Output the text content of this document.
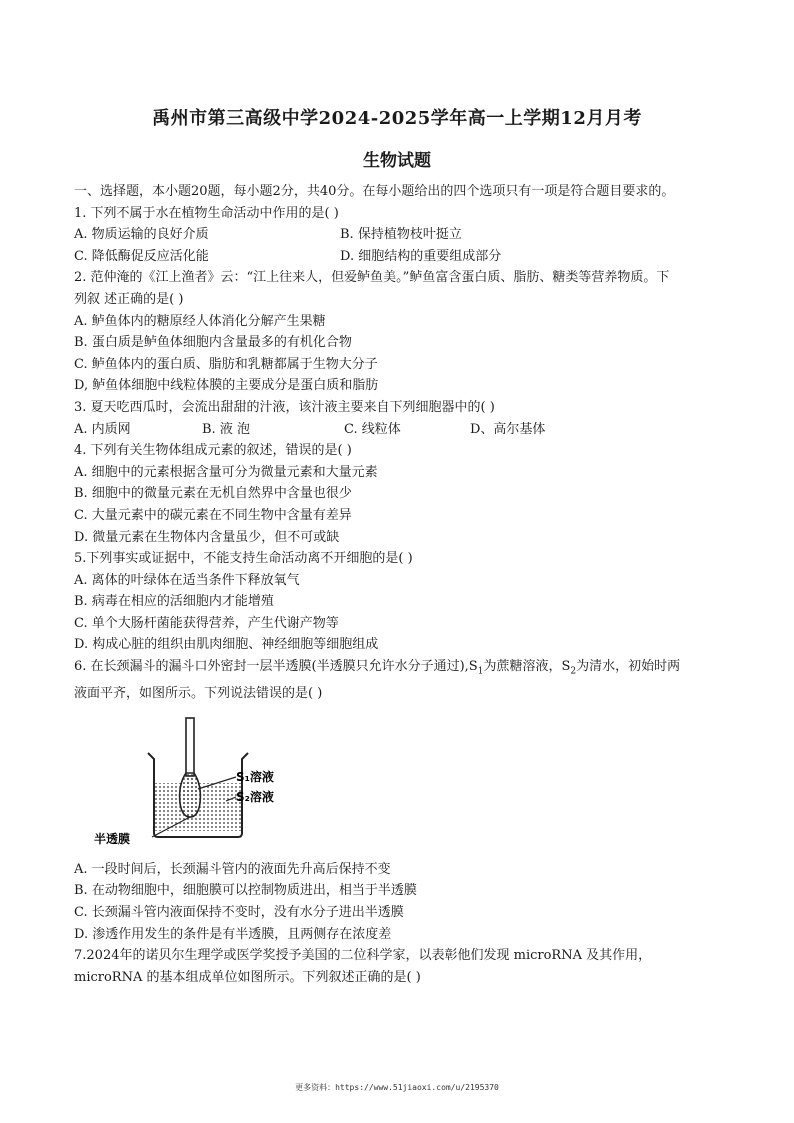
禹州市第三高级中学2024-2025学年高一上学期12月月考
生物试题
一、选择题，本小题20题，每小题2分，共40分。在每小题给出的四个选项只有一项是符合题目要求的。
1. 下列不属于水在植物生命活动中作用的是( )
A. 物质运输的良好介质	B. 保持植物枝叶挺立
C. 降低酶促反应活化能	D. 细胞结构的重要组成部分
2. 范仲淹的《江上渔者》云：“江上往来人，但爱鲈鱼美。”鲈鱼富含蛋白质、脂肪、糖类等营养物质。下
列叙 述正确的是( )
A. 鲈鱼体内的糖原经人体消化分解产生果糖
B. 蛋白质是鲈鱼体细胞内含量最多的有机化合物
C. 鲈鱼体内的蛋白质、脂肪和乳糖都属于生物大分子
D, 鲈鱼体细胞中线粒体膜的主要成分是蛋白质和脂肪
3. 夏天吃西瓜时，会流出甜甜的汁液，该汁液主要来自下列细胞器中的( )
A. 内质网	B. 液 泡	C. 线粒体	D、高尔基体
4. 下列有关生物体组成元素的叙述，错误的是( )
A. 细胞中的元素根据含量可分为微量元素和大量元素
B. 细胞中的微量元素在无机自然界中含量也很少
C. 大量元素中的碳元素在不同生物中含量有差异
D. 微量元素在生物体内含量虽少，但不可或缺
5.下列事实或证据中，不能支持生命活动离不开细胞的是( )
A. 离体的叶绿体在适当条件下释放氧气
B. 病毒在相应的活细胞内才能增殖
C. 单个大肠杆菌能获得营养，产生代谢产物等
D. 构成心脏的组织由肌肉细胞、神经细胞等细胞组成
6. 在长颈漏斗的漏斗口外密封一层半透膜(半透膜只允许水分子通过)$,S_1$为蔗糖溶液，$S_2$为清水，初始时两
液面平齐，如图所示。下列说法错误的是( )
S₁溶液
S₂溶液
半透膜
A. 一段时间后，长颈漏斗管内的液面先升高后保持不变
B. 在动物细胞中，细胞膜可以控制物质进出，相当于半透膜
C. 长颈漏斗管内液面保持不变时，没有水分子进出半透膜
D. 渗透作用发生的条件是有半透膜，且两侧存在浓度差
7.2024年的诺贝尔生理学或医学奖授予美国的二位科学家，以表彰他们发现 microRNA 及其作用，
microRNA 的基本组成单位如图所示。下列叙述正确的是( )
更多资料：https://www.51jiaoxi.com/u/2195370
